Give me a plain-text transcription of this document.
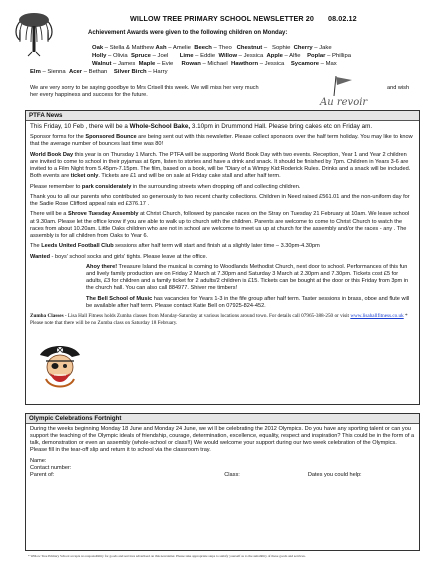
WILLOW TREE PRIMARY SCHOOL NEWSLETTER 20 08.02.12
Achievement Awards were given to the following children on Monday:
Oak – Stella & Matthew Ash – Amelie  Beech – Theo   Chestnut –   Sophie  Cherry – Jake
Holly – Olivia  Spruce – Joel       Lime – Eddie  Willow – Jessica  Apple – Alfie    Poplar – Phillipa
Walnut – James  Maple – Evie     Rowan – Michael  Hawthorn – Jessica    Sycamore – Max
Elm – Sienna  Acer – Bethan    Silver Birch – Harry
We are very sorry to be saying goodbye to Mrs Crisell this week. We will miss her very much	and wish
her every happiness and success for the future.
Au revoir
PTFA News
This Friday, 10 Feb , there will be a Whole-School Bake, 3.10pm in Drummond Hall. Please bring cakes etc on Friday am.
Sponsor forms for the Sponsored Bounce are being sent out with this newsletter. Please collect sponsors over the half term holiday. You may like to know that the average number of bounces last time was 80!
World Book Day this year is on Thursday 1 March. The PTFA will be supporting World Book Day with two events. Reception, Year 1 and Year 2 children are invited to come to school in their pyjamas at 6pm, listen to stories and have a drink and snack. It should be finished by 7pm. Children in Years 3-6 are invited to a Film Night from 5.45pm-7.15pm. The film, based on a book, will be "Diary of a Wimpy Kid:Roderick Rules. Drinks and a snack will be included. Both events are ticket only. Tickets are £1 and will be on sale at Friday cake stall and after half term.
Please remember to park considerately in the surrounding streets when dropping off and collecting children.
Thank you to all our parents who contributed so generously to two recent charity collections. Children in Need raised £561.01 and the non-uniform day for the Sadie Rose Clifford appeal rais ed £376.17 .
There will be a Shrove Tuesday Assembly at Christ Church, followed by pancake races on the Stray on Tuesday 21 February at 10am. We leave school at 9.30am. Please let the office know if you are able to walk up to church with the children. Parents are welcome to come to Christ Church to watch the races from about 10.20am. Little Oaks children who are not in school are welcome to meet us up at church for the assembly and/or the races - any . The assembly is for all children from Oaks to Year 6.
The Leeds United Football Club sessions after half term will start and finish at a slightly later time – 3.30pm-4.30pm
Wanted - boys' school socks and girls' tights. Please leave at the office.
Ahoy there! Treasure Island the musical is coming to Woodlands Methodist Church, next door to school. Performances of this fun and lively family production are on Friday 2 March at 7.30pm and Saturday 3 March at 2.30pm and 7.30pm. Tickets cost £5 for adults, £3 for children and a family ticket for 2 adults/2 children is £15. Tickets can be bought at the door or this Friday from 3pm in the church hall. You can also call 884977. Shiver me timbers!
The Bell School of Music has vacancies for Years 1-3 in the fife group after half term. Taster sessions in brass, oboe and flute will be available after half term. Please contact Katie Bell on 07925-824-452.
Zumba Classes - Lisa Hall Fitness holds Zumba classes from Monday-Saturday at various locations around town. For details call 07965-388-250 or visit www.lisahallfitness.co.uk * Please note that there will be no Zumba class on Saturday 18 February.
Olympic Celebrations Fortnight
During the weeks beginning Monday 18 June and Monday 24 June, we wi ll be celebrating the 2012 Olympics. Do you have any sporting talent or can you support the teaching of the Olympic ideals of friendship, courage, determination, excellence, equality, respect and inspiration? This could be in the form of a talk, demonstration or even an assembly (whole-school or class!!) We would welcome your support during our two week celebration of the Olympics. Please fill in the tear-off slip and return it to school via the classroom tray.
Name:
Contact number:
Parent of:	Class:	Dates you could help:
* Willow Tree Primary School accepts no responsibility for goods and services advertised on this newsletter. Please take appropriate steps to satisfy yourself as to the suitability of these goods and services.
